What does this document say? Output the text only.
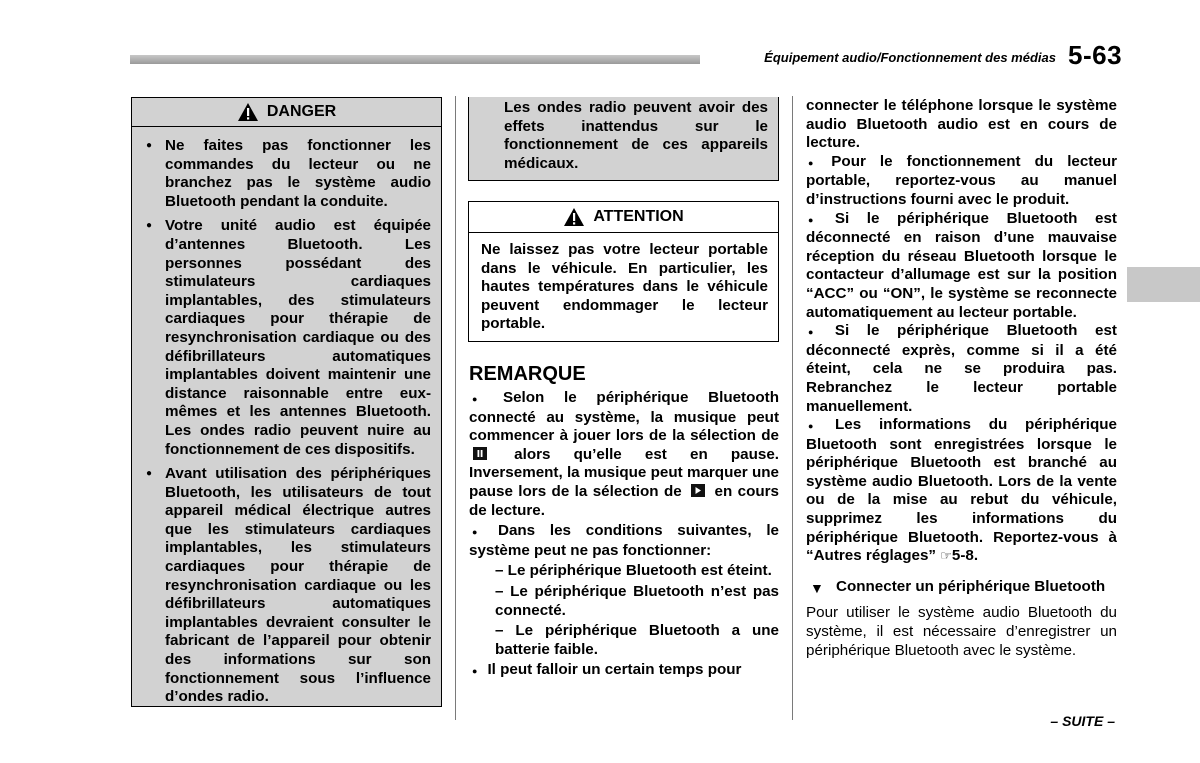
Équipement audio/Fonctionnement des médias 5-63
DANGER
● Ne faites pas fonctionner les commandes du lecteur ou ne branchez pas le système audio Bluetooth pendant la conduite.
● Votre unité audio est équipée d’antennes Bluetooth. Les personnes possédant des stimulateurs cardiaques implantables, des stimulateurs cardiaques pour thérapie de resynchronisation cardiaque ou des défibrillateurs automatiques implantables doivent maintenir une distance raisonnable entre eux-mêmes et les antennes Bluetooth. Les ondes radio peuvent nuire au fonctionnement de ces dispositifs.
● Avant utilisation des périphériques Bluetooth, les utilisateurs de tout appareil médical électrique autres que les stimulateurs cardiaques implantables, les stimulateurs cardiaques pour thérapie de resynchronisation cardiaque ou les défibrillateurs automatiques implantables devraient consulter le fabricant de l’appareil pour obtenir des informations sur son fonctionnement sous l’influence d’ondes radio.
Les ondes radio peuvent avoir des effets inattendus sur le fonctionnement de ces appareils médicaux.
ATTENTION
Ne laissez pas votre lecteur portable dans le véhicule. En particulier, les hautes températures dans le véhicule peuvent endommager le lecteur portable.
REMARQUE
● Selon le périphérique Bluetooth connecté au système, la musique peut commencer à jouer lors de la sélection de  alors qu’elle est en pause. Inversement, la musique peut marquer une pause lors de la sélection de en cours de lecture.
● Dans les conditions suivantes, le système peut ne pas fonctionner:
– Le périphérique Bluetooth est éteint.
– Le périphérique Bluetooth n’est pas connecté.
– Le périphérique Bluetooth a une batterie faible.
● Il peut falloir un certain temps pour
connecter le téléphone lorsque le système audio Bluetooth audio est en cours de lecture.
● Pour le fonctionnement du lecteur portable, reportez-vous au manuel d’instructions fourni avec le produit.
● Si le périphérique Bluetooth est déconnecté en raison d’une mauvaise réception du réseau Bluetooth lorsque le contacteur d’allumage est sur la position “ACC” ou “ON”, le système se reconnecte automatiquement au lecteur portable.
● Si le périphérique Bluetooth est déconnecté exprès, comme si il a été éteint, cela ne se produira pas. Rebranchez le lecteur portable manuellement.
● Les informations du périphérique Bluetooth sont enregistrées lorsque le périphérique Bluetooth est branché au système audio Bluetooth. Lors de la vente ou de la mise au rebut du véhicule, supprimez les informations du périphérique Bluetooth. Reportez-vous à “Autres réglages” ☞5-8.
▼ Connecter un périphérique Bluetooth
Pour utiliser le système audio Bluetooth du système, il est nécessaire d’enregistrer un périphérique Bluetooth avec le système.
– SUITE –
